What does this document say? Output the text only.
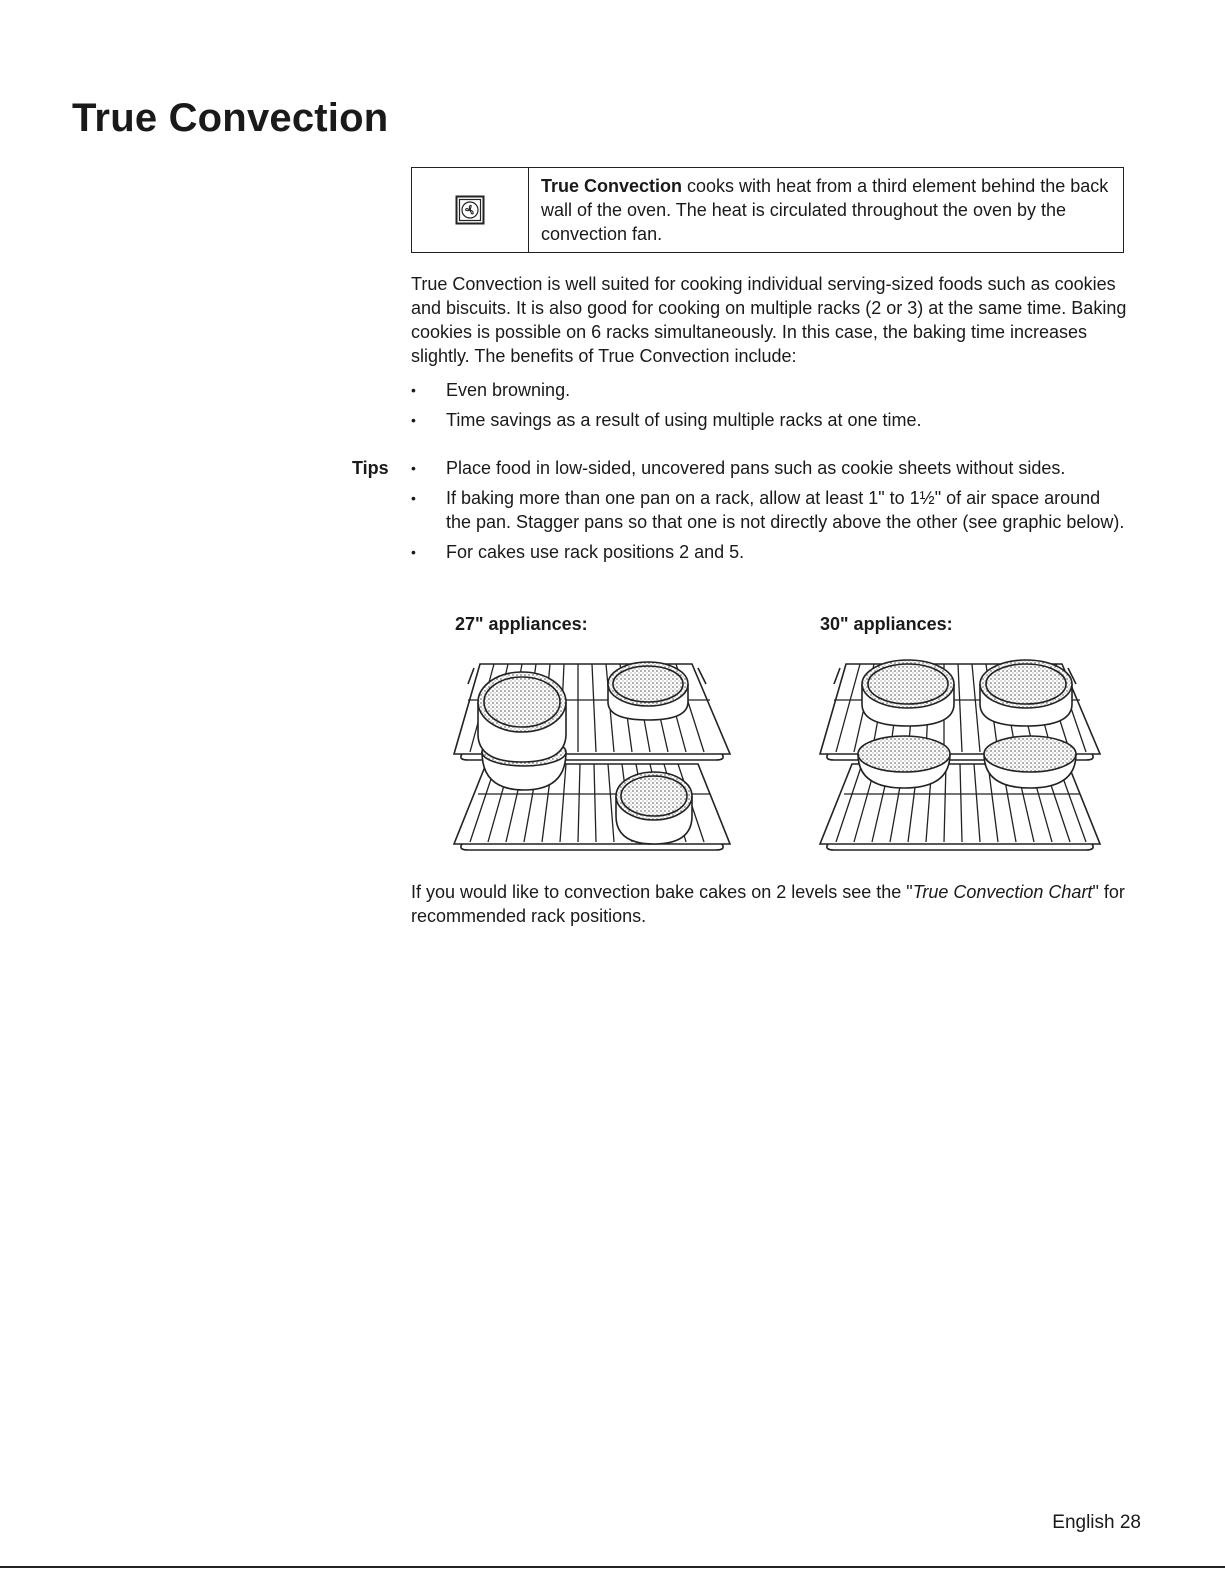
True Convection
True Convection cooks with heat from a third element behind the back wall of the oven. The heat is circulated throughout the oven by the convection fan.
True Convection is well suited for cooking individual serving-sized foods such as cookies and biscuits. It is also good for cooking on multiple racks (2 or 3) at the same time. Baking cookies is possible on 6 racks simultaneously. In this case, the baking time increases slightly. The benefits of True Convection include:
• Even browning.
• Time savings as a result of using multiple racks at one time.
Tips • Place food in low-sided, uncovered pans such as cookie sheets without sides.
• If baking more than one pan on a rack, allow at least 1" to 1½" of air space around the pan. Stagger pans so that one is not directly above the other (see graphic below).
• For cakes use rack positions 2 and 5.
27" appliances:	30" appliances:
If you would like to convection bake cakes on 2 levels see the "True Convection Chart" for recommended rack positions.
English 28
